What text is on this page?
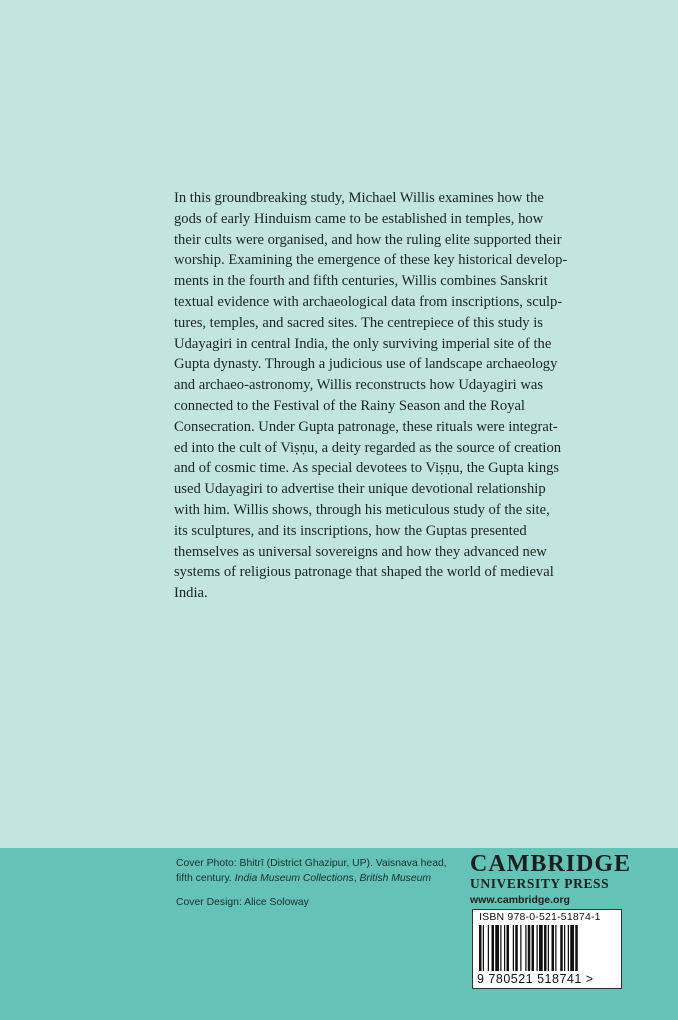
In this groundbreaking study, Michael Willis examines how the
gods of early Hinduism came to be established in temples, how
their cults were organised, and how the ruling elite supported their
worship. Examining the emergence of these key historical develop-
ments in the fourth and fifth centuries, Willis combines Sanskrit
textual evidence with archaeological data from inscriptions, sculp-
tures, temples, and sacred sites. The centrepiece of this study is
Udayagiri in central India, the only surviving imperial site of the
Gupta dynasty. Through a judicious use of landscape archaeology
and archaeo-astronomy, Willis reconstructs how Udayagiri was
connected to the Festival of the Rainy Season and the Royal
Consecration. Under Gupta patronage, these rituals were integrat-
ed into the cult of Viṣṇu, a deity regarded as the source of creation
and of cosmic time. As special devotees to Viṣṇu, the Gupta kings
used Udayagiri to advertise their unique devotional relationship
with him. Willis shows, through his meticulous study of the site,
its sculptures, and its inscriptions, how the Guptas presented
themselves as universal sovereigns and how they advanced new
systems of religious patronage that shaped the world of medieval
India.
Cover Photo: Bhitrī (District Ghazipur, UP). Vaisnava head,
fifth century. India Museum Collections, British Museum
Cover Design: Alice Soloway
CAMBRIDGE
UNIVERSITY PRESS
www.cambridge.org
ISBN 978-0-521-51874-1
9 780521 518741 >
